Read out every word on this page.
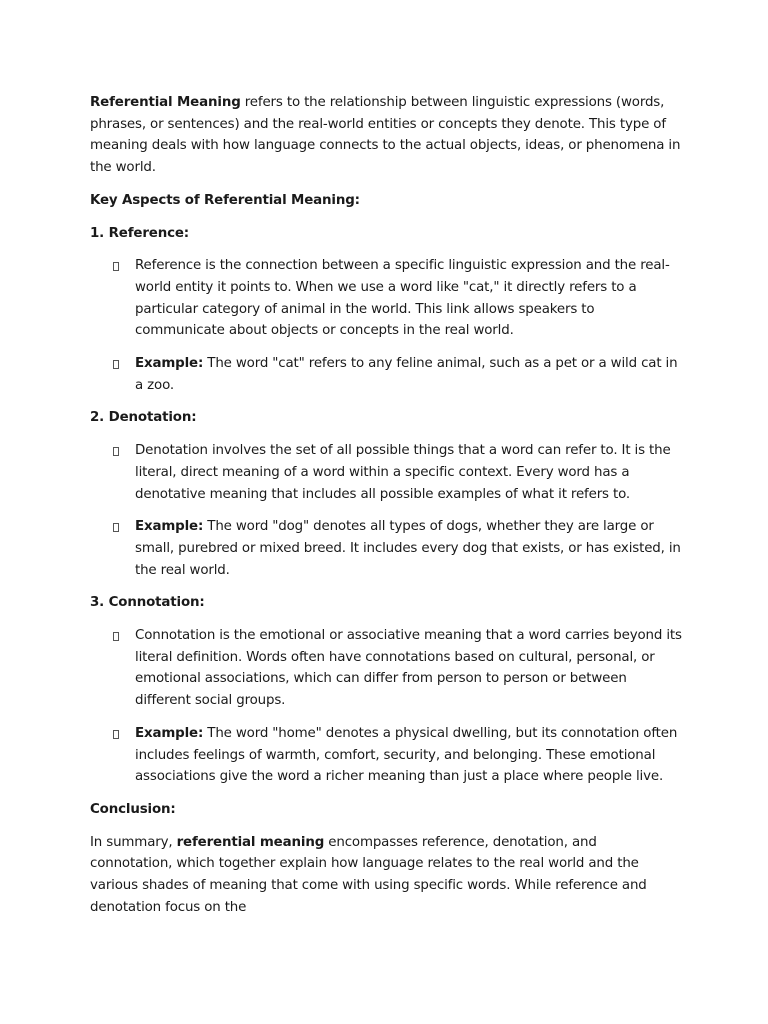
Referential Meaning refers to the relationship between linguistic expressions (words, phrases, or sentences) and the real-world entities or concepts they denote. This type of meaning deals with how language connects to the actual objects, ideas, or phenomena in the world.

Key Aspects of Referential Meaning:

1. Reference:

Reference is the connection between a specific linguistic expression and the real-world entity it points to. When we use a word like "cat," it directly refers to a particular category of animal in the world. This link allows speakers to communicate about objects or concepts in the real world.
Example: The word "cat" refers to any feline animal, such as a pet or a wild cat in a zoo.

2. Denotation:

Denotation involves the set of all possible things that a word can refer to. It is the literal, direct meaning of a word within a specific context. Every word has a denotative meaning that includes all possible examples of what it refers to.
Example: The word "dog" denotes all types of dogs, whether they are large or small, purebred or mixed breed. It includes every dog that exists, or has existed, in the real world.

3. Connotation:

Connotation is the emotional or associative meaning that a word carries beyond its literal definition. Words often have connotations based on cultural, personal, or emotional associations, which can differ from person to person or between different social groups.
Example: The word "home" denotes a physical dwelling, but its connotation often includes feelings of warmth, comfort, security, and belonging. These emotional associations give the word a richer meaning than just a place where people live.

Conclusion:

In summary, referential meaning encompasses reference, denotation, and connotation, which together explain how language relates to the real world and the various shades of meaning that come with using specific words. While reference and denotation focus on the
